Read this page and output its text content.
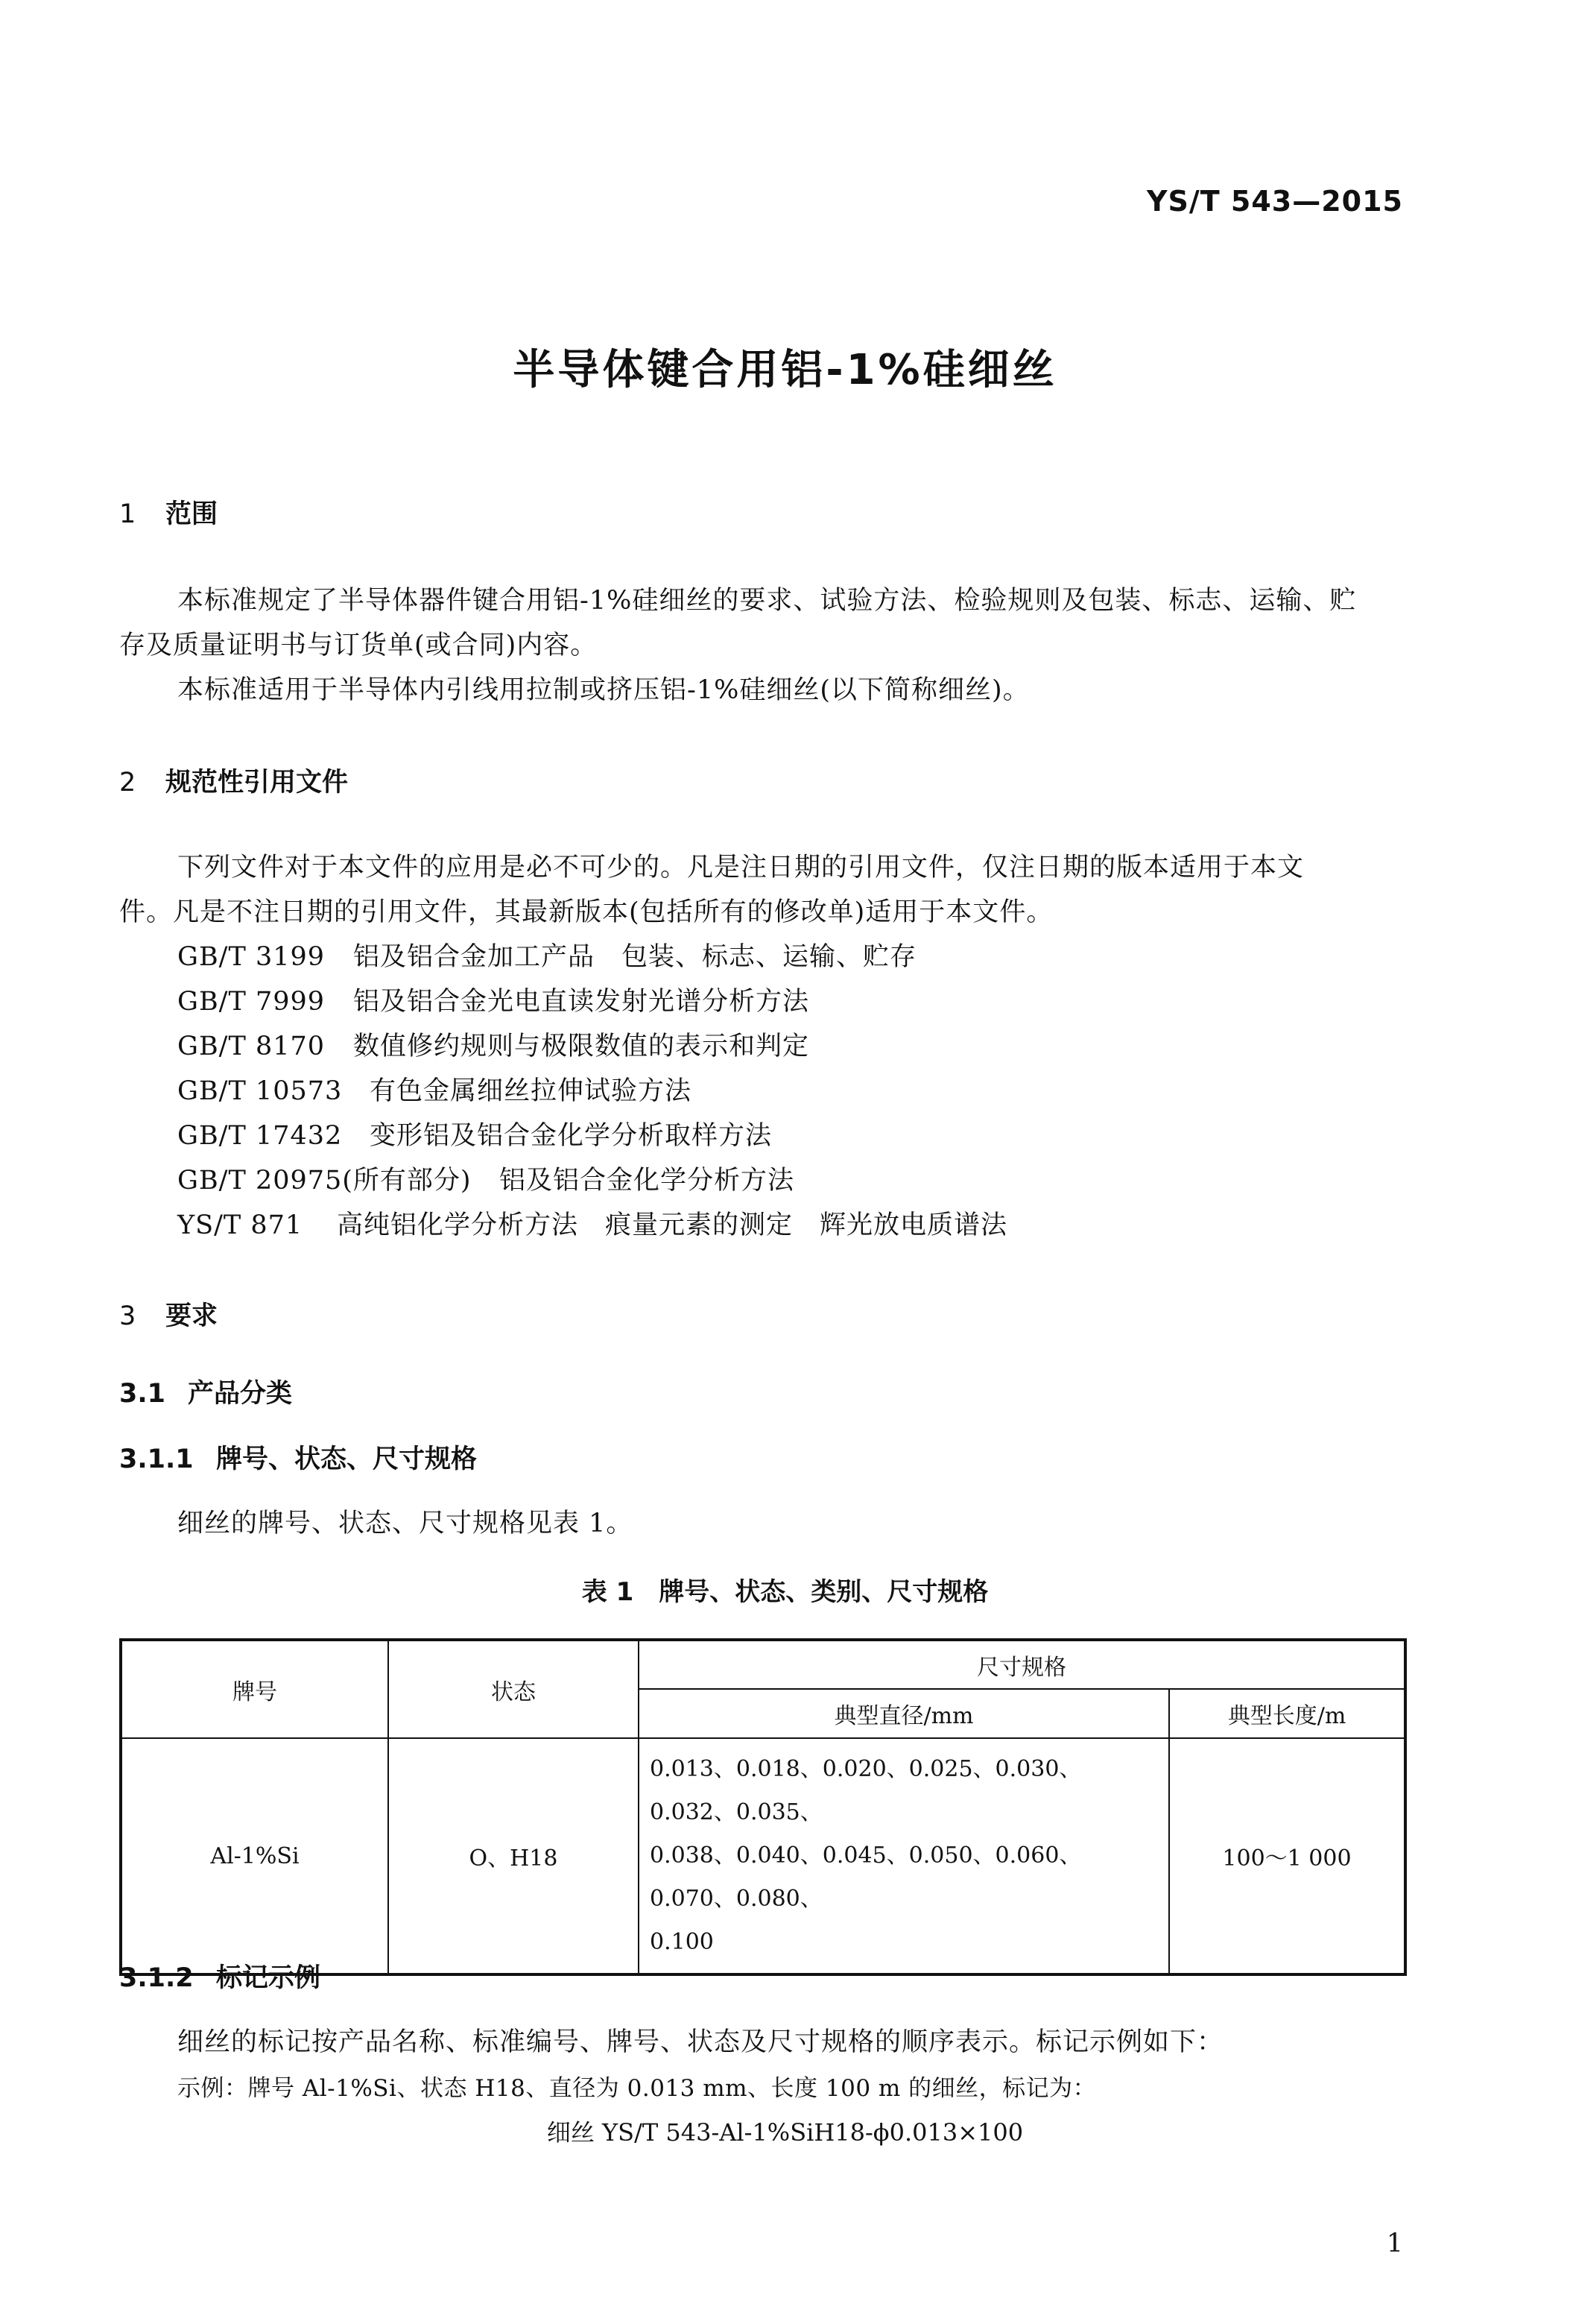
YS/T 543—2015
半导体键合用铝-1%硅细丝
1 范围
本标准规定了半导体器件键合用铝-1%硅细丝的要求、试验方法、检验规则及包装、标志、运输、贮
存及质量证明书与订货单(或合同)内容。
本标准适用于半导体内引线用拉制或挤压铝-1%硅细丝(以下简称细丝)。
2 规范性引用文件
下列文件对于本文件的应用是必不可少的。凡是注日期的引用文件，仅注日期的版本适用于本文
件。凡是不注日期的引用文件，其最新版本(包括所有的修改单)适用于本文件。
GB/T 3199 铝及铝合金加工产品　包装、标志、运输、贮存
GB/T 7999 铝及铝合金光电直读发射光谱分析方法
GB/T 8170 数值修约规则与极限数值的表示和判定
GB/T 10573 有色金属细丝拉伸试验方法
GB/T 17432 变形铝及铝合金化学分析取样方法
GB/T 20975(所有部分) 铝及铝合金化学分析方法
YS/T 871 高纯铝化学分析方法　痕量元素的测定　辉光放电质谱法
3 要求
3.1 产品分类
3.1.1 牌号、状态、尺寸规格
细丝的牌号、状态、尺寸规格见表 1。
表 1　牌号、状态、类别、尺寸规格
牌号	状态	尺寸规格	
		典型直径/mm	典型长度/m
Al-1%Si	O、H18	0.013、0.018、0.020、0.025、0.030、0.032、0.035、
0.038、0.040、0.045、0.050、0.060、0.070、0.080、
0.100	100～1 000
3.1.2 标记示例
细丝的标记按产品名称、标准编号、牌号、状态及尺寸规格的顺序表示。标记示例如下：
示例：牌号 Al-1%Si、状态 H18、直径为 0.013 mm、长度 100 m 的细丝，标记为：
细丝 YS/T 543-Al-1%SiH18-ϕ0.013×100
1
